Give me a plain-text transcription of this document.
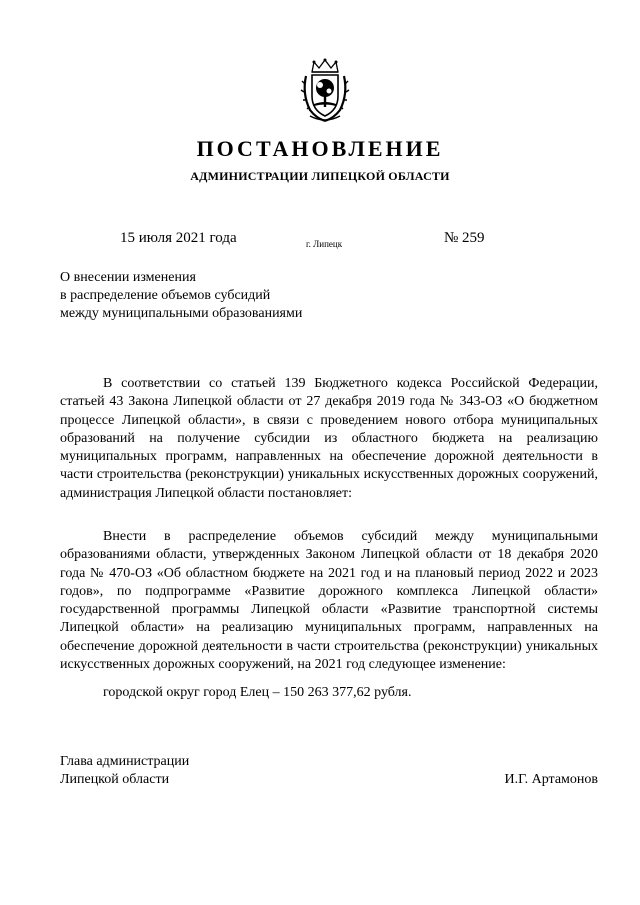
ПОСТАНОВЛЕНИЕ
АДМИНИСТРАЦИИ ЛИПЕЦКОЙ ОБЛАСТИ
15 июля 2021 года	г. Липецк	№ 259
О внесении изменения
в распределение объемов субсидий
между муниципальными образованиями
В соответствии со статьей 139 Бюджетного кодекса Российской Федерации, статьей 43 Закона Липецкой области от 27 декабря 2019 года № 343-ОЗ «О бюджетном процессе Липецкой области», в связи с проведением нового отбора муниципальных образований на получение субсидии из областного бюджета на реализацию муниципальных программ, направленных на обеспечение дорожной деятельности в части строительства (реконструкции) уникальных искусственных дорожных сооружений, администрация Липецкой области постановляет:
Внести в распределение объемов субсидий между муниципальными образованиями области, утвержденных Законом Липецкой области от 18 декабря 2020 года № 470-ОЗ «Об областном бюджете на 2021 год и на плановый период 2022 и 2023 годов», по подпрограмме «Развитие дорожного комплекса Липецкой области» государственной программы Липецкой области «Развитие транспортной системы Липецкой области» на реализацию муниципальных программ, направленных на обеспечение дорожной деятельности в части строительства (реконструкции) уникальных искусственных дорожных сооружений, на 2021 год следующее изменение:
городской округ город Елец – 150 263 377,62 рубля.
Глава администрации
Липецкой области	И.Г. Артамонов
